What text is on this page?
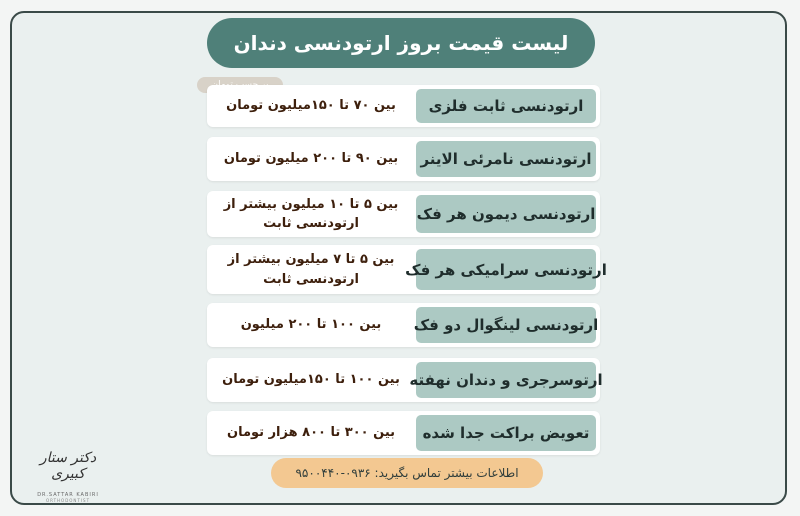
لیست قیمت بروز ارتودنسی دندان
ارتودنسی ثابت فلزی
بین ۷۰ تا ۱۵۰میلیون تومان
ارتودنسی نامرئی الاینر
بین ۹۰ تا ۲۰۰ میلیون تومان
ارتودنسی دیمون هر فک
بین ۵ تا ۱۰ میلیون بیشتر از ارتودنسی ثابت
ارتودنسی سرامیکی هر فک
بین ۵ تا ۷ میلیون بیشتر از ارتودنسی ثابت
ارتودنسی لینگوال دو فک
بین ۱۰۰ تا ۲۰۰ میلیون
ارتوسرجری و دندان نهفته
بین ۱۰۰ تا ۱۵۰میلیون تومان
تعویض براکت جدا شده
بین ۳۰۰ تا ۸۰۰ هزار تومان
اطلاعات بیشتر تماس بگیرید: ۰۹۳۶-۹۵۰۰۴۴۰
دکتر ستار کبیری
DR.SATTAR KABIRI
ORTHODONTIST
